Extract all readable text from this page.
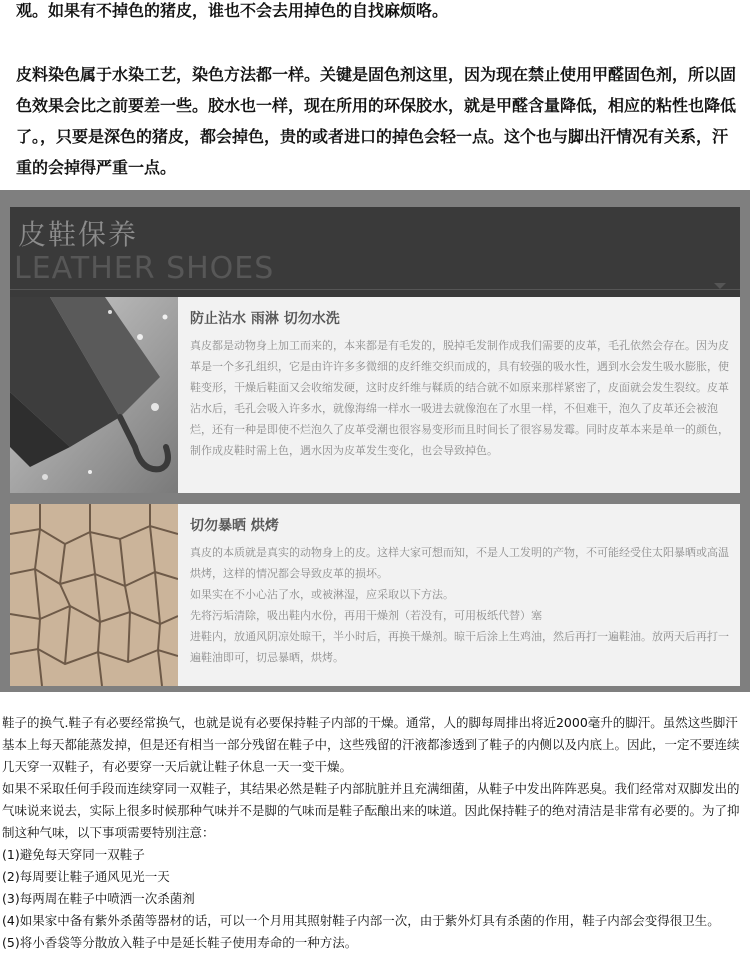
观。如果有不掉色的猪皮，谁也不会去用掉色的自找麻烦咯。

皮料染色属于水染工艺，染色方法都一样。关键是固色剂这里，因为现在禁止使用甲醛固色剂，所以固色效果会比之前要差一些。胶水也一样，现在所用的环保胶水，就是甲醛含量降低，相应的粘性也降低了。，只要是深色的猪皮，都会掉色，贵的或者进口的掉色会轻一点。这个也与脚出汗情况有关系，汗重的会掉得严重一点。

皮鞋保养
LEATHER SHOES
防止沾水 雨淋 切勿水洗

真皮都是动物身上加工而来的，本来都是有毛发的，脱掉毛发制作成我们需要的皮革，毛孔依然会存在。因为皮革是一个多孔组织，它是由许许多多微细的皮纤维交织而成的，具有较强的吸水性，遇到水会发生吸水膨胀，使鞋变形，干燥后鞋面又会收缩发硬，这时皮纤维与鞣质的结合就不如原来那样紧密了，皮面就会发生裂纹。皮革沾水后，毛孔会吸入许多水，就像海绵一样水一吸进去就像泡在了水里一样，不但难干，泡久了皮革还会被泡烂，还有一种是即使不烂泡久了皮革受潮也很容易变形而且时间长了很容易发霉。同时皮革本来是单一的颜色，制作成皮鞋时需上色，遇水因为皮革发生变化，也会导致掉色。

切勿暴晒 烘烤

真皮的本质就是真实的动物身上的皮。这样大家可想而知，不是人工发明的产物，不可能经受住太阳暴晒或高温烘烤，这样的情况都会导致皮革的损坏。

如果实在不小心沾了水，或被淋湿，应采取以下方法。

先将污垢清除，吸出鞋内水份，再用干燥剂（若没有，可用板纸代替）塞

进鞋内，放通风阴凉处晾干，半小时后，再换干燥剂。晾干后涂上生鸡油，然后再打一遍鞋油。放两天后再打一遍鞋油即可，切忌暴晒，烘烤。

鞋子的换气.鞋子有必要经常换气，也就是说有必要保持鞋子内部的干燥。通常，人的脚每周排出将近2000毫升的脚汗。虽然这些脚汗基本上每天都能蒸发掉，但是还有相当一部分残留在鞋子中，这些残留的汗液都渗透到了鞋子的内侧以及内底上。因此，一定不要连续几天穿一双鞋子，有必要穿一天后就让鞋子休息一天一变干燥。

如果不采取任何手段而连续穿同一双鞋子，其结果必然是鞋子内部肮脏并且充满细菌，从鞋子中发出阵阵恶臭。我们经常对双脚发出的气味说来说去，实际上很多时候那种气味并不是脚的气味而是鞋子酝酿出来的味道。因此保持鞋子的绝对清洁是非常有必要的。为了抑制这种气味，以下事项需要特别注意：

(1)避免每天穿同一双鞋子

(2)每周要让鞋子通风见光一天

(3)每两周在鞋子中喷洒一次杀菌剂

(4)如果家中备有紫外杀菌等器材的话，可以一个月用其照射鞋子内部一次，由于紫外灯具有杀菌的作用，鞋子内部会变得很卫生。

(5)将小香袋等分散放入鞋子中是延长鞋子使用寿命的一种方法。
